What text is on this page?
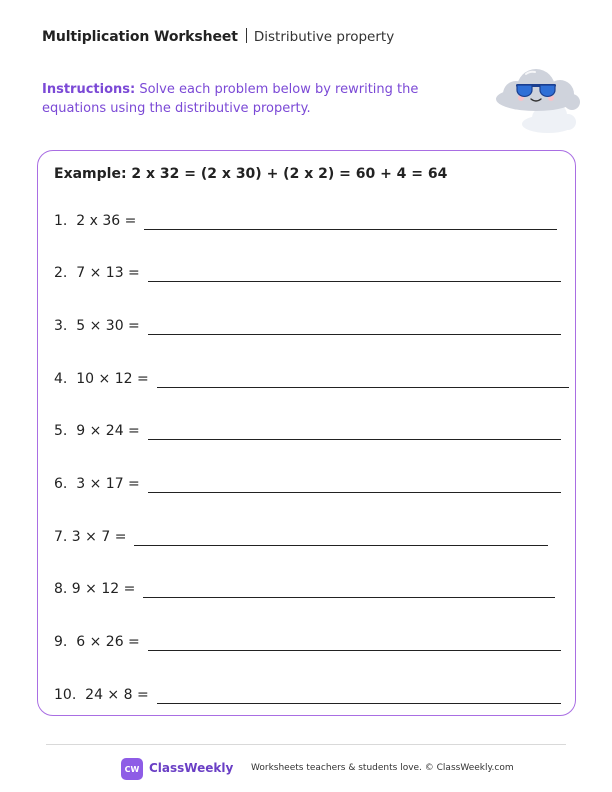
Multiplication Worksheet Distributive property
Instructions: Solve each problem below by rewriting the equations using the distributive property.
Example: 2 x 32 = (2 x 30) + (2 x 2) = 60 + 4 = 64
1.  2 x 36 =
2.  7 × 13 =
3.  5 × 30 =
4.  10 × 12 =
5.  9 × 24 =
6.  3 × 17 =
7. 3 × 7 =
8. 9 × 12 =
9.  6 × 26 =
10.  24 × 8 =
CW ClassWeekly Worksheets teachers & students love. © ClassWeekly.com
